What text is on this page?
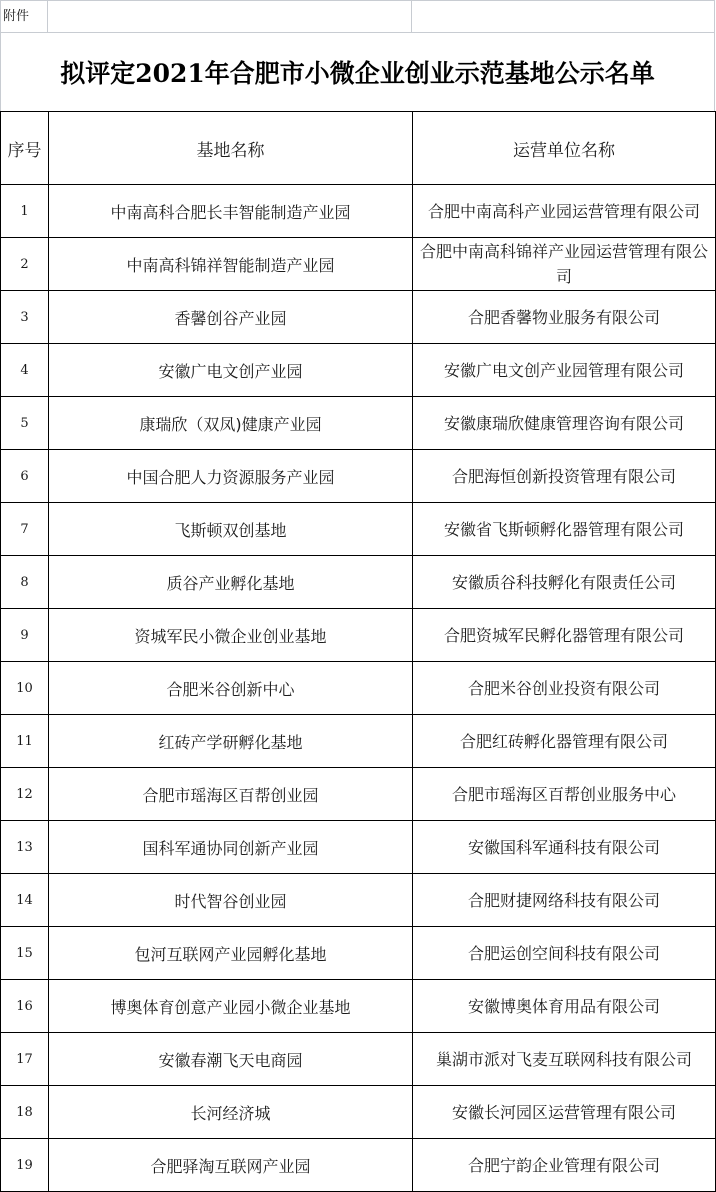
附件
拟评定2021年合肥市小微企业创业示范基地公示名单
序号	基地名称	运营单位名称
1	中南高科合肥长丰智能制造产业园	合肥中南高科产业园运营管理有限公司
2	中南高科锦祥智能制造产业园	合肥中南高科锦祥产业园运营管理有限公司
3	香馨创谷产业园	合肥香馨物业服务有限公司
4	安徽广电文创产业园	安徽广电文创产业园管理有限公司
5	康瑞欣（双凤)健康产业园	安徽康瑞欣健康管理咨询有限公司
6	中国合肥人力资源服务产业园	合肥海恒创新投资管理有限公司
7	飞斯顿双创基地	安徽省飞斯顿孵化器管理有限公司
8	质谷产业孵化基地	安徽质谷科技孵化有限责任公司
9	资城军民小微企业创业基地	合肥资城军民孵化器管理有限公司
10	合肥米谷创新中心	合肥米谷创业投资有限公司
11	红砖产学研孵化基地	合肥红砖孵化器管理有限公司
12	合肥市瑶海区百帮创业园	合肥市瑶海区百帮创业服务中心
13	国科军通协同创新产业园	安徽国科军通科技有限公司
14	时代智谷创业园	合肥财捷网络科技有限公司
15	包河互联网产业园孵化基地	合肥运创空间科技有限公司
16	博奥体育创意产业园小微企业基地	安徽博奥体育用品有限公司
17	安徽春潮飞天电商园	巢湖市派对飞麦互联网科技有限公司
18	长河经济城	安徽长河园区运营管理有限公司
19	合肥驿淘互联网产业园	合肥宁韵企业管理有限公司
